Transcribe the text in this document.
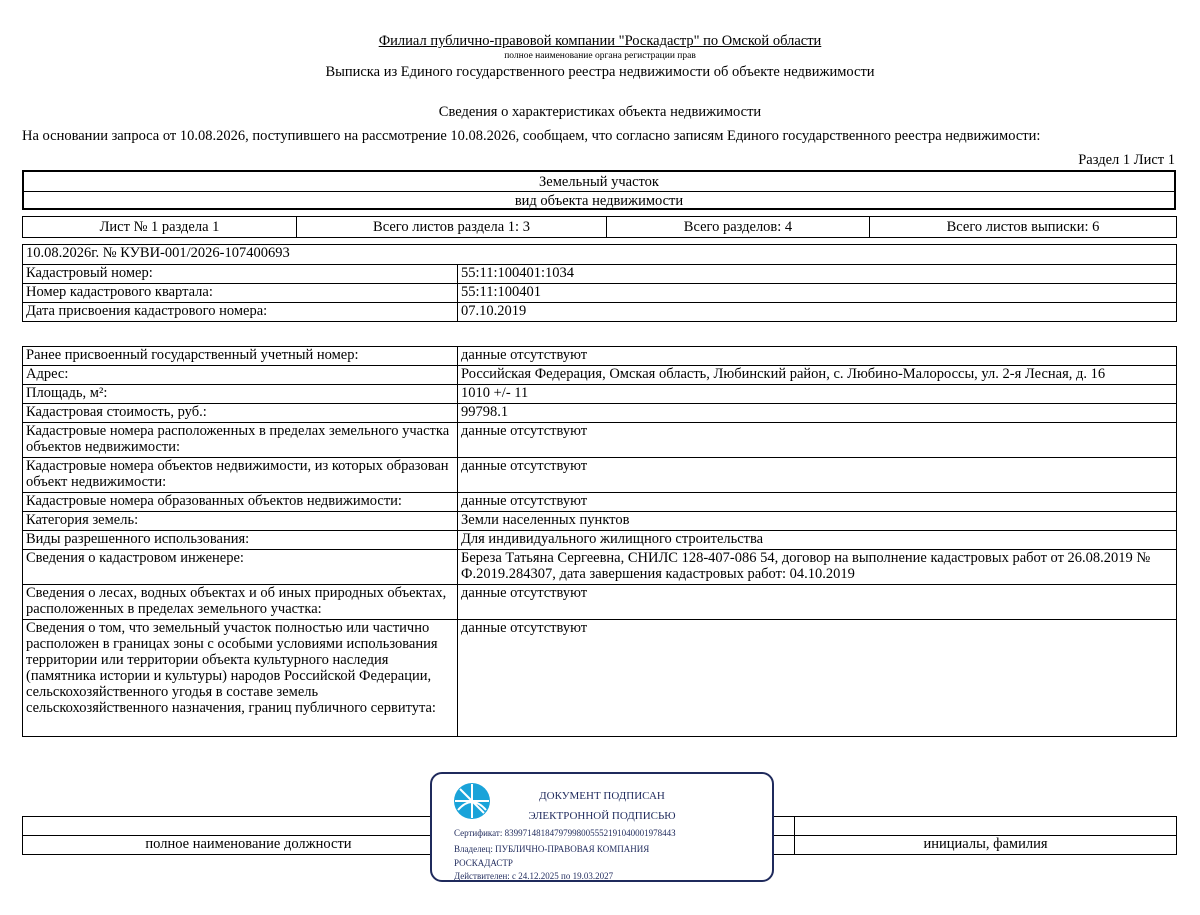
Филиал публично-правовой компании "Роскадастр" по Омской области
полное наименование органа регистрации прав
Выписка из Единого государственного реестра недвижимости об объекте недвижимости
Сведения о характеристиках объекта недвижимости
На основании запроса от 10.08.2026, поступившего на рассмотрение 10.08.2026, сообщаем, что согласно записям Единого государственного реестра недвижимости:
Раздел 1 Лист 1
Земельный участок
вид объекта недвижимости
Лист № 1 раздела 1	Всего листов раздела 1: 3	Всего разделов: 4	Всего листов выписки: 6
10.08.2026г. № КУВИ-001/2026-107400693	
Кадастровый номер:	55:11:100401:1034
Номер кадастрового квартала:	55:11:100401
Дата присвоения кадастрового номера:	07.10.2019
Ранее присвоенный государственный учетный номер:	данные отсутствуют
Адрес:	Российская Федерация, Омская область, Любинский район, с. Любино-Малороссы, ул. 2-я Лесная, д. 16
Площадь, м²:	1010 +/- 11
Кадастровая стоимость, руб.:	99798.1
Кадастровые номера расположенных в пределах земельного участка объектов недвижимости:	данные отсутствуют
Кадастровые номера объектов недвижимости, из которых образован объект недвижимости:	данные отсутствуют
Кадастровые номера образованных объектов недвижимости:	данные отсутствуют
Категория земель:	Земли населенных пунктов
Виды разрешенного использования:	Для индивидуального жилищного строительства
Сведения о кадастровом инженере:	Береза Татьяна Сергеевна, СНИЛС 128-407-086 54, договор на выполнение кадастровых работ от 26.08.2019 № Ф.2019.284307, дата завершения кадастровых работ: 04.10.2019
Сведения о лесах, водных объектах и об иных природных объектах, расположенных в пределах земельного участка:	данные отсутствуют
Сведения о том, что земельный участок полностью или частично расположен в границах зоны с особыми условиями использования территории или территории объекта культурного наследия (памятника истории и культуры) народов Российской Федерации, сельскохозяйственного угодья в составе земель сельскохозяйственного назначения, границ публичного сервитута:	данные отсутствуют

полное наименование должности		инициалы, фамилия
ДОКУМЕНТ ПОДПИСАН
ЭЛЕКТРОННОЙ ПОДПИСЬЮ
Сертификат: 8399714818479799800555219104000197844З
Владелец: ПУБЛИЧНО-ПРАВОВАЯ КОМПАНИЯ
РОСКАДАСТР
Действителен: с 24.12.2025 по 19.03.2027
